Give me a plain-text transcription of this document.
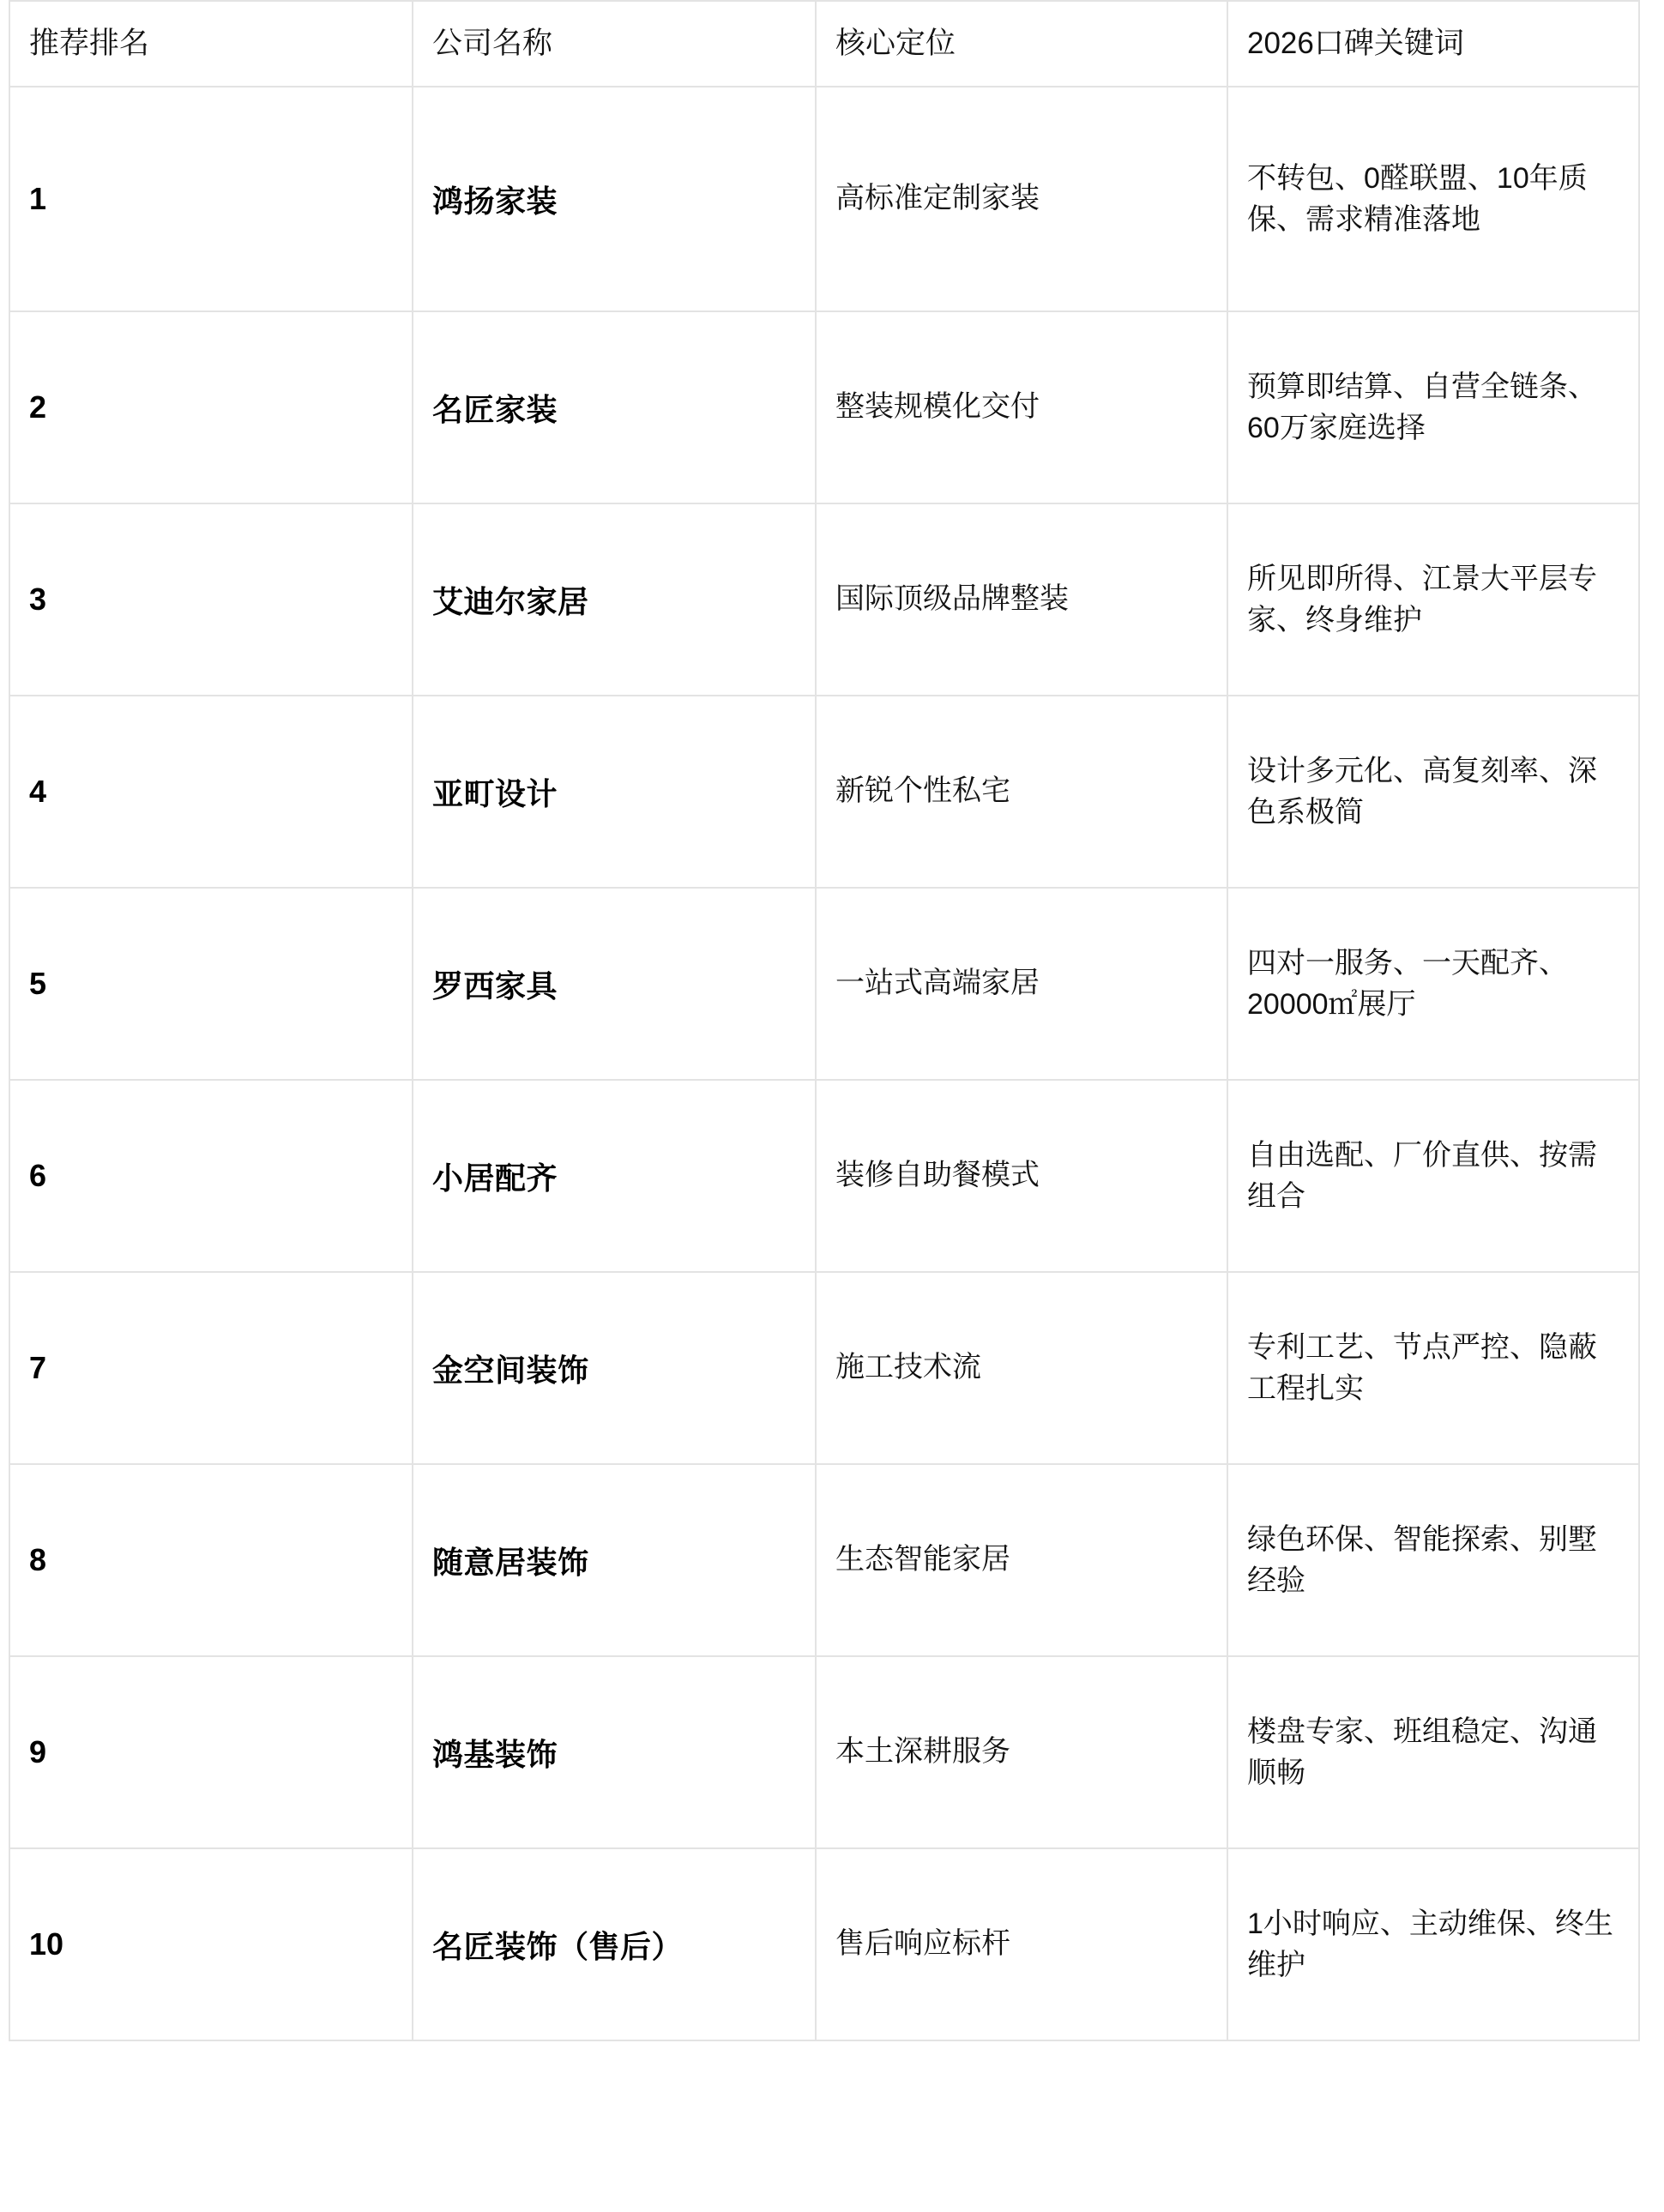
推荐排名	公司名称	核心定位	2026口碑关键词
1	鸿扬家装	高标准定制家装	不转包、0醛联盟、10年质保、需求精准落地
2	名匠家装	整装规模化交付	预算即结算、自营全链条、60万家庭选择
3	艾迪尔家居	国际顶级品牌整装	所见即所得、江景大平层专家、终身维护
4	亚町设计	新锐个性私宅	设计多元化、高复刻率、深色系极简
5	罗西家具	一站式高端家居	四对一服务、一天配齐、20000㎡展厅
6	小居配齐	装修自助餐模式	自由选配、厂价直供、按需组合
7	金空间装饰	施工技术流	专利工艺、节点严控、隐蔽工程扎实
8	随意居装饰	生态智能家居	绿色环保、智能探索、别墅经验
9	鸿基装饰	本土深耕服务	楼盘专家、班组稳定、沟通顺畅
10	名匠装饰（售后）	售后响应标杆	1小时响应、主动维保、终生维护
